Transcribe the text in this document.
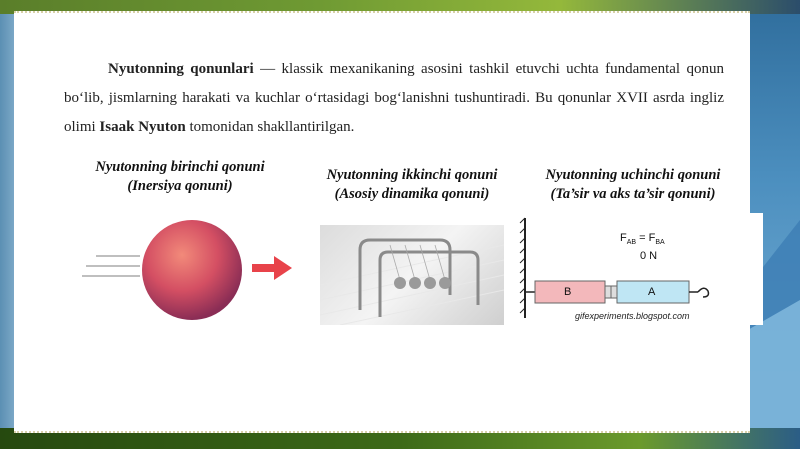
Nyutonning qonunlari — klassik mexanikaning asosini tashkil etuvchi uchta fundamental qonun bo‘lib, jismlarning harakati va kuchlar o‘rtasidagi bog‘lanishni tushuntiradi. Bu qonunlar XVII asrda ingliz olimi Isaak Nyuton tomonidan shakllantirilgan.

Nyutonning birinchi qonuni
(Inersiya qonuni)
Nyutonning ikkinchi qonuni
(Asosiy dinamika qonuni)
Nyutonning uchinchi qonuni
(Ta’sir va aks ta’sir qonuni)
$F_{AB} = F_{BA}$
0 N
B	A
gifexperiments.blogspot.com
